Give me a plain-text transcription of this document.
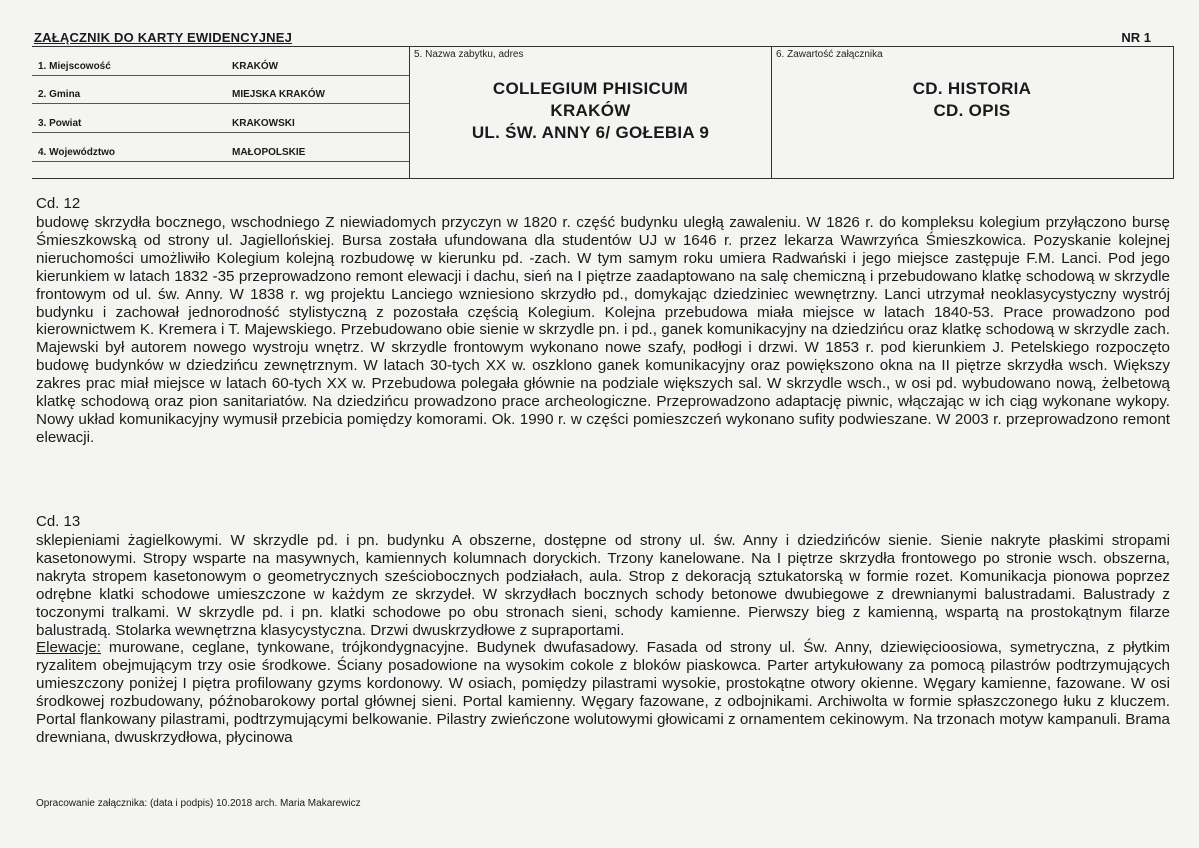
ZAŁĄCZNIK DO KARTY EWIDENCYJNEJ	NR 1
1. Miejscowość	KRAKÓW
2. Gmina	MIEJSKA KRAKÓW
3. Powiat	KRAKOWSKI
4. Województwo	MAŁOPOLSKIE
5. Nazwa zabytku, adres
COLLEGIUM PHISICUM
KRAKÓW
UL. ŚW. ANNY 6/ GOŁEBIA 9
6. Zawartość załącznika
CD. HISTORIA
CD. OPIS
Cd. 12

budowę skrzydła bocznego, wschodniego Z niewiadomych przyczyn w 1820 r. część budynku uległą zawaleniu. W 1826 r. do kompleksu kolegium przyłączono bursę Śmieszkowską od strony ul. Jagiellońskiej. Bursa została ufundowana dla studentów UJ w 1646 r. przez lekarza Wawrzyńca Śmieszkowica. Pozyskanie kolejnej nieruchomości umożliwiło Kolegium kolejną rozbudowę w kierunku pd. -zach. W tym samym roku umiera Radwański i jego miejsce zastępuje F.M. Lanci. Pod jego kierunkiem w latach 1832 -35 przeprowadzono remont elewacji i dachu, sień na I piętrze zaadaptowano na salę chemiczną i przebudowano klatkę schodową w skrzydle frontowym od ul. św. Anny. W 1838 r. wg projektu Lanciego wzniesiono skrzydło pd., domykając dziedziniec wewnętrzny. Lanci utrzymał neoklasycystyczny wystrój budynku i zachował jednorodność stylistyczną z pozostała częścią Kolegium. Kolejna przebudowa miała miejsce w latach 1840-53. Prace prowadzono pod kierownictwem K. Kremera i T. Majewskiego. Przebudowano obie sienie w skrzydle pn. i pd., ganek komunikacyjny na dziedzińcu oraz klatkę schodową w skrzydle zach. Majewski był autorem nowego wystroju wnętrz. W skrzydle frontowym wykonano nowe szafy, podłogi i drzwi. W 1853 r. pod kierunkiem J. Petelskiego rozpoczęto budowę budynków w dziedzińcu zewnętrznym. W latach 30-tych XX w. oszklono ganek komunikacyjny oraz powiększono okna na II piętrze skrzydła wsch. Większy zakres prac miał miejsce w latach 60-tych XX w. Przebudowa polegała głównie na podziale większych sal. W skrzydle wsch., w osi pd. wybudowano nową, żelbetową klatkę schodową oraz pion sanitariatów. Na dziedzińcu prowadzono prace archeologiczne. Przeprowadzono adaptację piwnic, włączając w ich ciąg wykonane wykopy. Nowy układ komunikacyjny wymusił przebicia pomiędzy komorami. Ok. 1990 r. w części pomieszczeń wykonano sufity podwieszane. W 2003 r. przeprowadzono remont elewacji.

Cd. 13

sklepieniami żagielkowymi. W skrzydle pd. i pn. budynku A obszerne, dostępne od strony ul. św. Anny i dziedzińców sienie. Sienie nakryte płaskimi stropami kasetonowymi. Stropy wsparte na masywnych, kamiennych kolumnach doryckich. Trzony kanelowane. Na I piętrze skrzydła frontowego po stronie wsch. obszerna, nakryta stropem kasetonowym o geometrycznych sześciobocznych podziałach, aula. Strop z dekoracją sztukatorską w formie rozet. Komunikacja pionowa poprzez odrębne klatki schodowe umieszczone w każdym ze skrzydeł. W skrzydłach bocznych schody betonowe dwubiegowe z drewnianymi balustradami. Balustrady z toczonymi tralkami. W skrzydle pd. i pn. klatki schodowe po obu stronach sieni, schody kamienne. Pierwszy bieg z kamienną, wspartą na prostokątnym filarze balustradą. Stolarka wewnętrzna klasycystyczna. Drzwi dwuskrzydłowe z supraportami.
Elewacje: murowane, ceglane, tynkowane, trójkondygnacyjne. Budynek dwufasadowy. Fasada od strony ul. Św. Anny, dziewięcioosiowa, symetryczna, z płytkim ryzalitem obejmującym trzy osie środkowe. Ściany posadowione na wysokim cokole z bloków piaskowca. Parter artykułowany za pomocą pilastrów podtrzymujących umieszczony poniżej I piętra profilowany gzyms kordonowy. W osiach, pomiędzy pilastrami wysokie, prostokątne otwory okienne. Węgary kamienne, fazowane. W osi środkowej rozbudowany, późnobarokowy portal głównej sieni. Portal kamienny. Węgary fazowane, z odbojnikami. Archiwolta w formie spłaszczonego łuku z kluczem. Portal flankowany pilastrami, podtrzymującymi belkowanie. Pilastry zwieńczone wolutowymi głowicami z ornamentem cekinowym. Na trzonach motyw kampanuli. Brama drewniana, dwuskrzydłowa, płycinowa

Opracowanie załącznika: (data i podpis) 10.2018 arch. Maria Makarewicz
